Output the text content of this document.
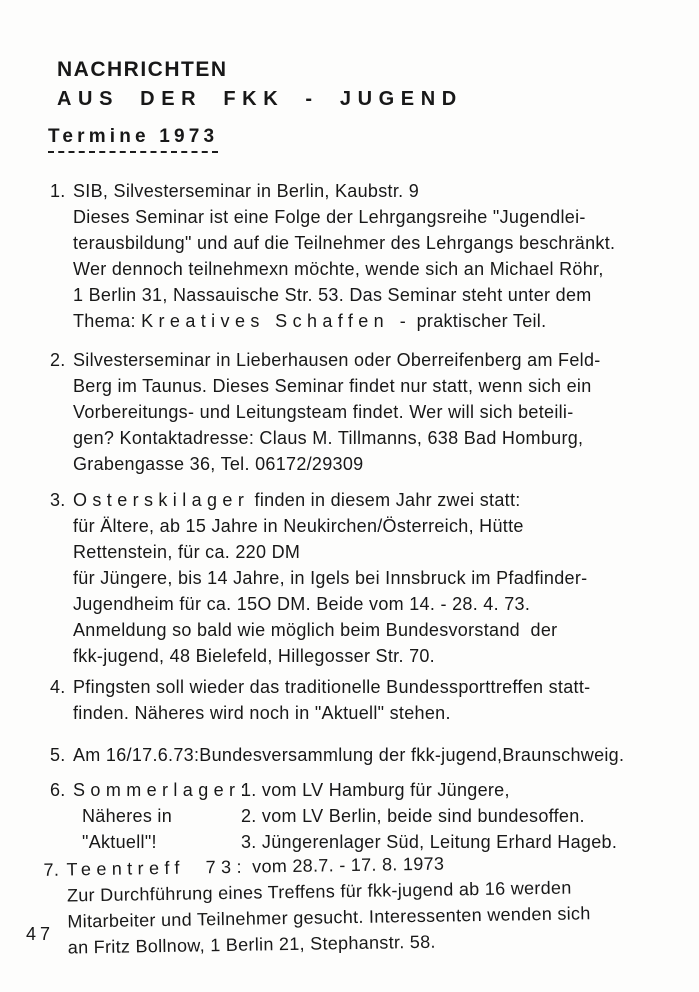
NACHRICHTEN
AUS DER FKK - JUGEND
Termine 1973
1. SIB, Silvesterseminar in Berlin, Kaubstr. 9
Dieses Seminar ist eine Folge der Lehrgangsreihe "Jugendlei-
terausbildung" und auf die Teilnehmer des Lehrgangs beschränkt.
Wer dennoch teilnehmexn möchte, wende sich an Michael Röhr,
1 Berlin 31, Nassauische Str. 53. Das Seminar steht unter dem
Thema: Kreatives Schaffen  -  praktischer Teil.
2. Silvesterseminar in Lieberhausen oder Oberreifenberg am Feld-
Berg im Taunus. Dieses Seminar findet nur statt, wenn sich ein
Vorbereitungs- und Leitungsteam findet. Wer will sich beteili-
gen? Kontaktadresse: Claus M. Tillmanns, 638 Bad Homburg,
Grabengasse 36, Tel. 06172/29309
3. Osterskilager finden in diesem Jahr zwei statt:
für Ältere, ab 15 Jahre in Neukirchen/Österreich, Hütte
Rettenstein, für ca. 220 DM
für Jüngere, bis 14 Jahre, in Igels bei Innsbruck im Pfadfinder-
Jugendheim für ca. 15O DM. Beide vom 14. - 28. 4. 73.
Anmeldung so bald wie möglich beim Bundesvorstand  der
fkk-jugend, 48 Bielefeld, Hillegosser Str. 70.
4. Pfingsten soll wieder das traditionelle Bundessporttreffen statt-
finden. Näheres wird noch in "Aktuell" stehen.
5. Am 16/17.6.73:Bundesversammlung der fkk-jugend,Braunschweig.
6. Sommerlager:
Näheres in
"Aktuell"!
1. vom LV Hamburg für Jüngere,
2. vom LV Berlin, beide sind bundesoffen.
3. Jüngerenlager Süd, Leitung Erhard Hageb.
7. Teentreff  73: vom 28.7. - 17. 8. 1973
Zur Durchführung eines Treffens für fkk-jugend ab 16 werden
Mitarbeiter und Teilnehmer gesucht. Interessenten wenden sich
an Fritz Bollnow, 1 Berlin 21, Stephanstr. 58.
47
